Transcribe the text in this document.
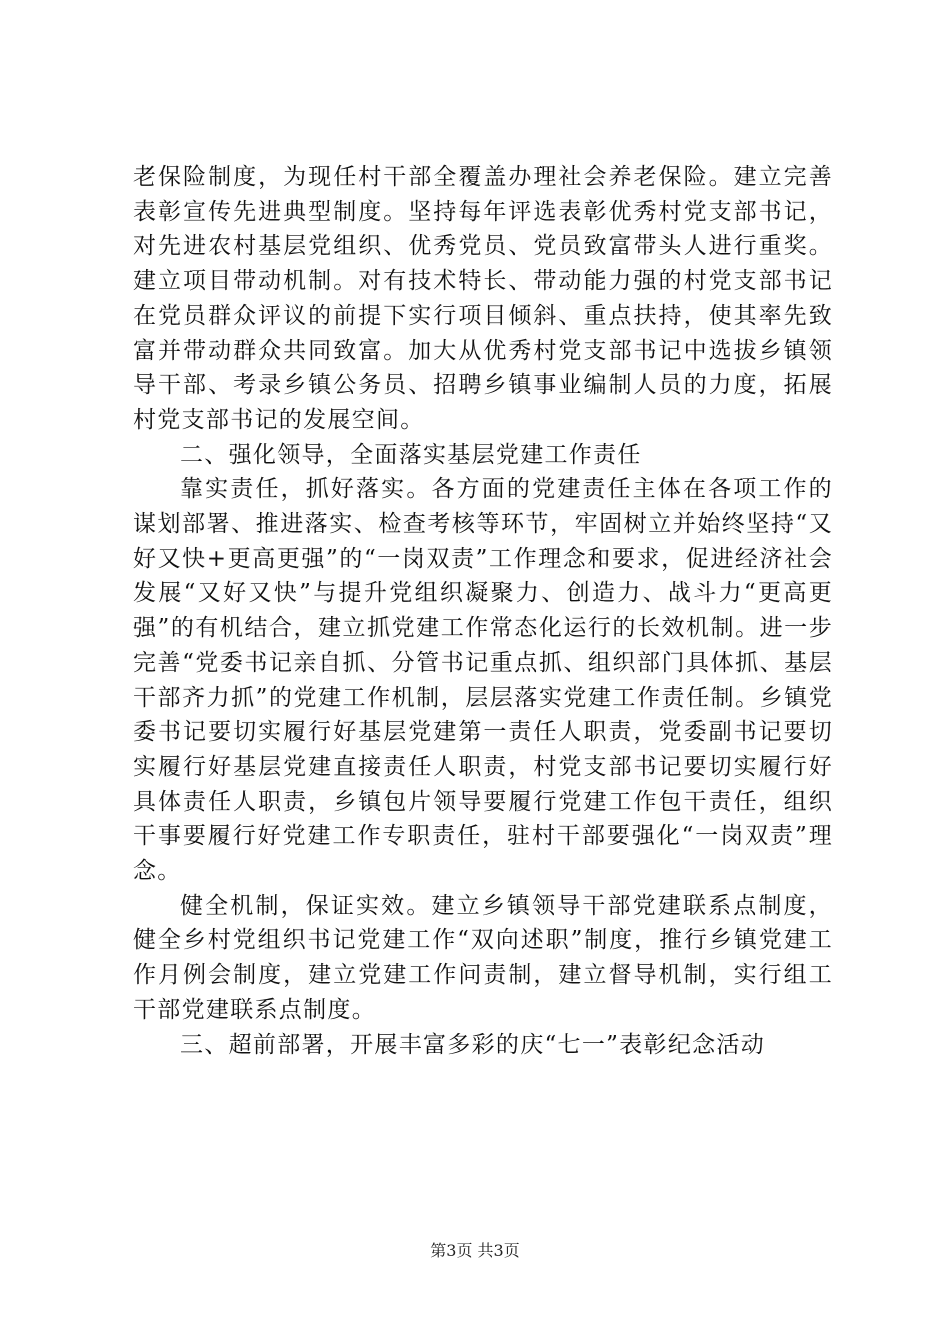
老保险制度，为现任村干部全覆盖办理社会养老保险。建立完善表彰宣传先进典型制度。坚持每年评选表彰优秀村党支部书记，对先进农村基层党组织、优秀党员、党员致富带头人进行重奖。建立项目带动机制。对有技术特长、带动能力强的村党支部书记在党员群众评议的前提下实行项目倾斜、重点扶持，使其率先致富并带动群众共同致富。加大从优秀村党支部书记中选拔乡镇领导干部、考录乡镇公务员、招聘乡镇事业编制人员的力度，拓展村党支部书记的发展空间。

二、强化领导，全面落实基层党建工作责任

靠实责任，抓好落实。各方面的党建责任主体在各项工作的谋划部署、推进落实、检查考核等环节，牢固树立并始终坚持“又好又快+更高更强”的“一岗双责”工作理念和要求，促进经济社会发展“又好又快”与提升党组织凝聚力、创造力、战斗力“更高更强”的有机结合，建立抓党建工作常态化运行的长效机制。进一步完善“党委书记亲自抓、分管书记重点抓、组织部门具体抓、基层干部齐力抓”的党建工作机制，层层落实党建工作责任制。乡镇党委书记要切实履行好基层党建第一责任人职责，党委副书记要切实履行好基层党建直接责任人职责，村党支部书记要切实履行好具体责任人职责，乡镇包片领导要履行党建工作包干责任，组织干事要履行好党建工作专职责任，驻村干部要强化“一岗双责”理念。

健全机制，保证实效。建立乡镇领导干部党建联系点制度，健全乡村党组织书记党建工作“双向述职”制度，推行乡镇党建工作月例会制度，建立党建工作问责制，建立督导机制，实行组工干部党建联系点制度。

三、超前部署，开展丰富多彩的庆“七一”表彰纪念活动

第3页 共3页
